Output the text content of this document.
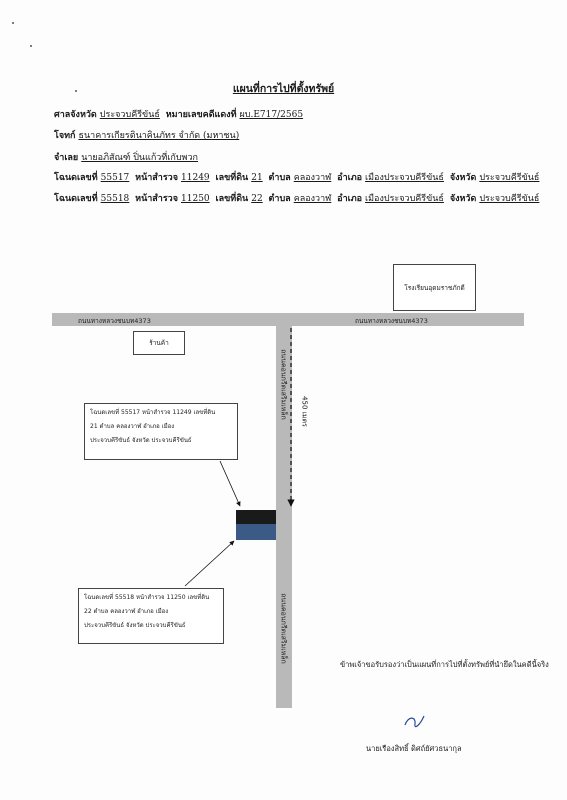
แผนที่การไปที่ตั้งทรัพย์
ศาลจังหวัด ประจวบคีรีขันธ์ หมายเลขคดีแดงที่ ผบ.E717/2565
โจทก์ ธนาคารเกียรตินาคินภัทร จำกัด (มหาชน)
จำเลย นายอภิสัณฑ์ ปิ่นแก้วที่เกับพวก
โฉนดเลขที่ 55517 หน้าสำรวจ 11249 เลขที่ดิน 21 ตำบล คลองวาฬ อำเภอ เมืองประจวบคีรีขันธ์ จังหวัด ประจวบคีรีขันธ์
โฉนดเลขที่ 55518 หน้าสำรวจ 11250 เลขที่ดิน 22 ตำบล คลองวาฬ อำเภอ เมืองประจวบคีรีขันธ์ จังหวัด ประจวบคีรีขันธ์
ถนนทางหลวงชนบท4373	ถนนทางหลวงชนบท4373
ถนนคอนกรีตเสริมเหล็ก
ถนนคอนกรีตเสริมเหล็ก
450 เมตร
โรงเรียนอุดมราชภักดี
ร้านค้า
โฉนดเลขที่ 55517 หน้าสำรวจ 11249 เลขที่ดิน
21 ตำบล คลองวาฬ อำเภอ เมือง
ประจวบคีรีขันธ์ จังหวัด ประจวบคีรีขันธ์
โฉนดเลขที่ 55518 หน้าสำรวจ 11250 เลขที่ดิน
22 ตำบล คลองวาฬ อำเภอ เมือง
ประจวบคีรีขันธ์ จังหวัด ประจวบคีรีขันธ์
ข้าพเจ้าขอรับรองว่าเป็นแผนที่การไปที่ตั้งทรัพย์ที่นำยึดในคดีนี้จริง
นายเรืองสิทธิ์ ดิศถ์ยัศวธนากุล
